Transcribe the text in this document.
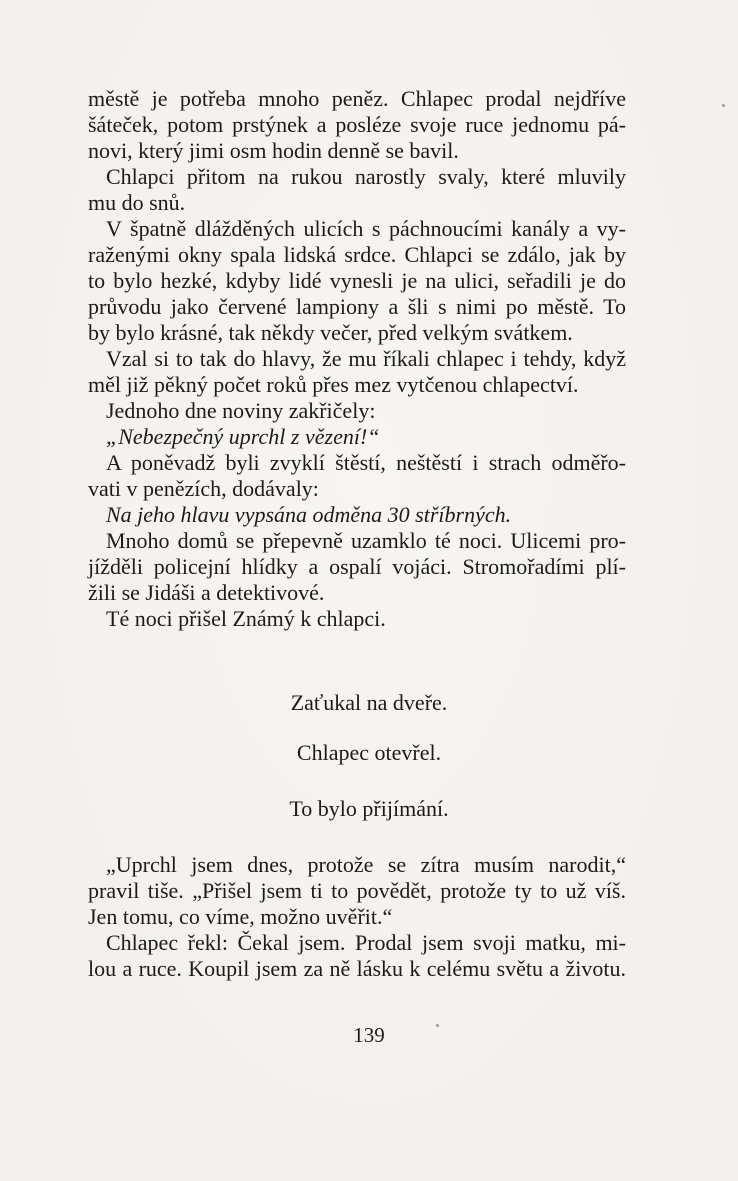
městě je potřeba mnoho peněz. Chlapec prodal nejdříve
šáteček, potom prstýnek a posléze svoje ruce jednomu pá-
novi, který jimi osm hodin denně se bavil.
Chlapci přitom na rukou narostly svaly, které mluvily
mu do snů.
V špatně dlážděných ulicích s páchnoucími kanály a vy-
raženými okny spala lidská srdce. Chlapci se zdálo, jak by
to bylo hezké, kdyby lidé vynesli je na ulici, seřadili je do
průvodu jako červené lampiony a šli s nimi po městě. To
by bylo krásné, tak někdy večer, před velkým svátkem.
Vzal si to tak do hlavy, že mu říkali chlapec i tehdy, když
měl již pěkný počet roků přes mez vytčenou chlapectví.
Jednoho dne noviny zakřičely:
„Nebezpečný uprchl z vězení!“
A poněvadž byli zvyklí štěstí, neštěstí i strach odměřo-
vati v penězích, dodávaly:
Na jeho hlavu vypsána odměna 30 stříbrných.
Mnoho domů se přepevně uzamklo té noci. Ulicemi pro-
jížděli policejní hlídky a ospalí vojáci. Stromořadími plí-
žili se Jidáši a detektivové.
Té noci přišel Známý k chlapci.
Zaťukal na dveře.
Chlapec otevřel.
To bylo přijímání.
„Uprchl jsem dnes, protože se zítra musím narodit,“
pravil tiše. „Přišel jsem ti to povědět, protože ty to už víš.
Jen tomu, co víme, možno uvěřit.“
Chlapec řekl: Čekal jsem. Prodal jsem svoji matku, mi-
lou a ruce. Koupil jsem za ně lásku k celému světu a životu.
139
